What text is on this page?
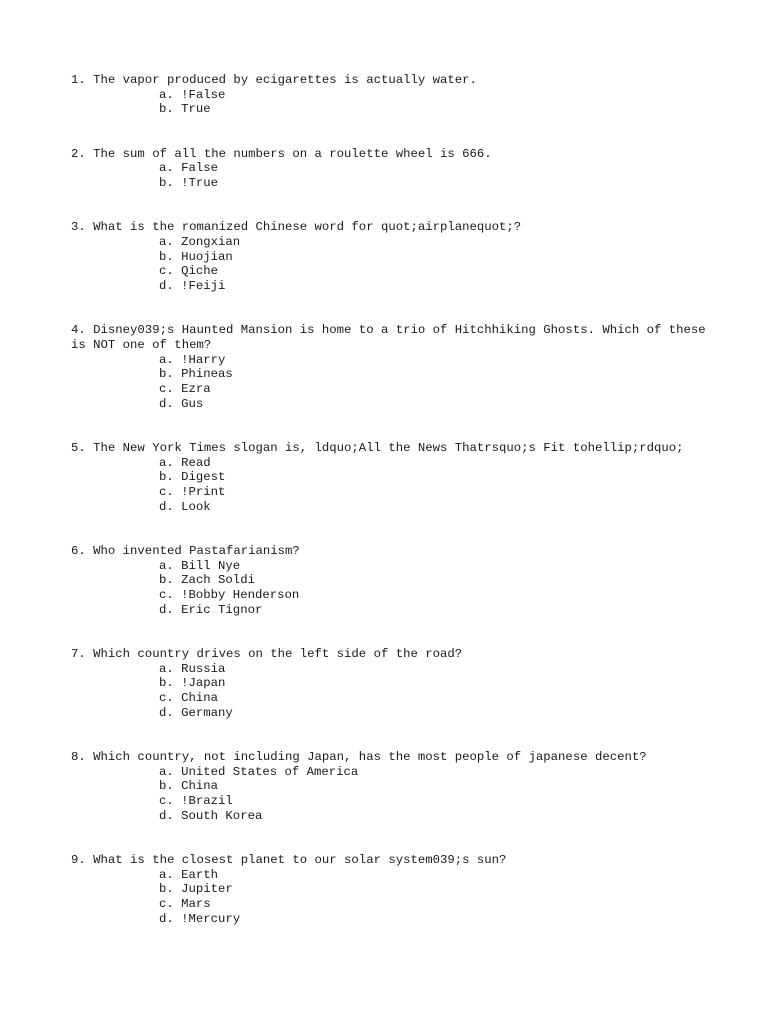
1. The vapor produced by ecigarettes is actually water.
a. !False
b. True
2. The sum of all the numbers on a roulette wheel is 666.
a. False
b. !True
3. What is the romanized Chinese word for quot;airplanequot;?
a. Zongxian
b. Huojian
c. Qiche
d. !Feiji
4. Disney039;s Haunted Mansion is home to a trio of Hitchhiking Ghosts. Which of these is NOT one of them?
a. !Harry
b. Phineas
c. Ezra
d. Gus
5. The New York Times slogan is, ldquo;All the News Thatrsquo;s Fit tohellip;rdquo;
a. Read
b. Digest
c. !Print
d. Look
6. Who invented Pastafarianism?
a. Bill Nye
b. Zach Soldi
c. !Bobby Henderson
d. Eric Tignor
7. Which country drives on the left side of the road?
a. Russia
b. !Japan
c. China
d. Germany
8. Which country, not including Japan, has the most people of japanese decent?
a. United States of America
b. China
c. !Brazil
d. South Korea
9. What is the closest planet to our solar system039;s sun?
a. Earth
b. Jupiter
c. Mars
d. !Mercury
